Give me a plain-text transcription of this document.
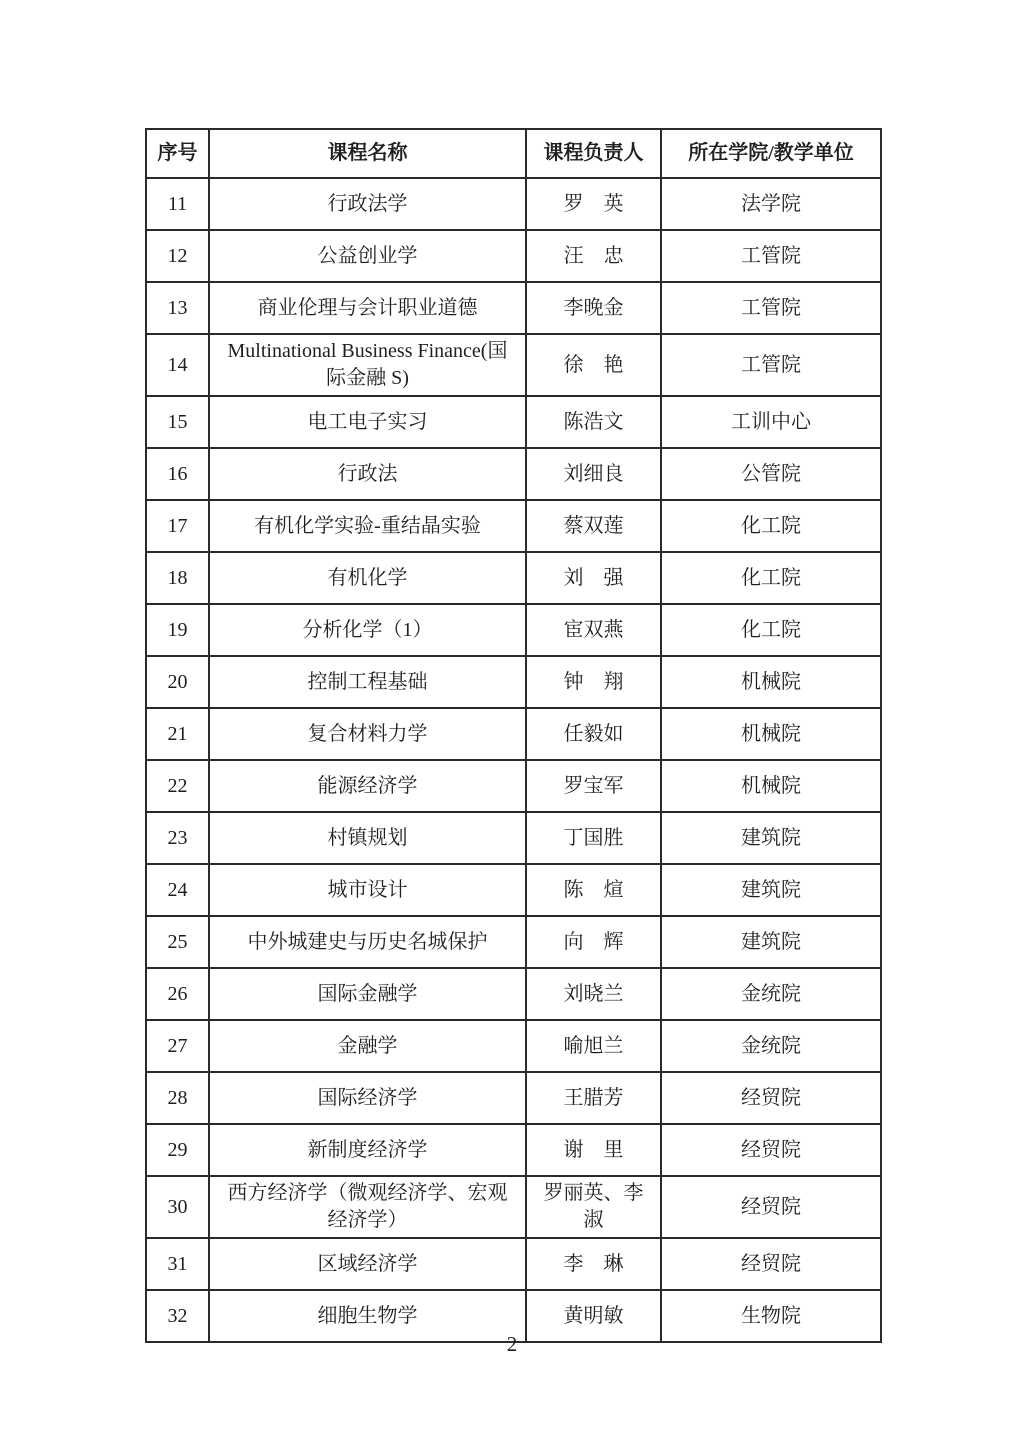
序号	课程名称	课程负责人	所在学院/教学单位
11	行政法学	罗　英	法学院
12	公益创业学	汪　忠	工管院
13	商业伦理与会计职业道德	李晚金	工管院
14	Multinational Business Finance(国际金融 S)	徐　艳	工管院
15	电工电子实习	陈浩文	工训中心
16	行政法	刘细良	公管院
17	有机化学实验-重结晶实验	蔡双莲	化工院
18	有机化学	刘　强	化工院
19	分析化学（1）	宦双燕	化工院
20	控制工程基础	钟　翔	机械院
21	复合材料力学	任毅如	机械院
22	能源经济学	罗宝军	机械院
23	村镇规划	丁国胜	建筑院
24	城市设计	陈　煊	建筑院
25	中外城建史与历史名城保护	向　辉	建筑院
26	国际金融学	刘晓兰	金统院
27	金融学	喻旭兰	金统院
28	国际经济学	王腊芳	经贸院
29	新制度经济学	谢　里	经贸院
30	西方经济学（微观经济学、宏观经济学）	罗丽英、李淑	经贸院
31	区域经济学	李　琳	经贸院
32	细胞生物学	黄明敏	生物院
2
